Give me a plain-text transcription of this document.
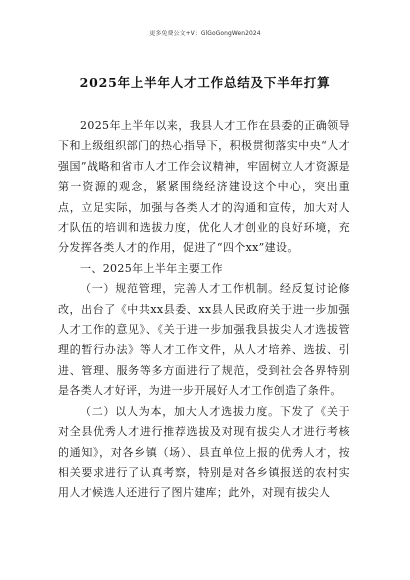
更多免费公文+V：GlGoGongWen2024
2025年上半年人才工作总结及下半年打算

2025年上半年以来，我县人才工作在县委的正确领导下和上级组织部门的热心指导下，积极贯彻落实中央“人才强国”战略和省市人才工作会议精神，牢固树立人才资源是第一资源的观念，紧紧围绕经济建设这个中心，突出重点，立足实际，加强与各类人才的沟通和宣传，加大对人才队伍的培训和选拔力度，优化人才创业的良好环境，充分发挥各类人才的作用，促进了“四个xx”建设。

一、2025年上半年主要工作

（一）规范管理，完善人才工作机制。经反复讨论修改，出台了《中共xx县委、xx县人民政府关于进一步加强人才工作的意见》、《关于进一步加强我县拔尖人才选拔管理的暂行办法》等人才工作文件，从人才培养、选拔、引进、管理、服务等多方面进行了规范，受到社会各界特别是各类人才好评，为进一步开展好人才工作创造了条件。

（二）以人为本，加大人才选拔力度。下发了《关于对全县优秀人才进行推荐选拔及对现有拔尖人才进行考核的通知》，对各乡镇（场）、县直单位上报的优秀人才，按相关要求进行了认真考察，特别是对各乡镇报送的农村实用人才候选人还进行了图片建库；此外，对现有拔尖人
